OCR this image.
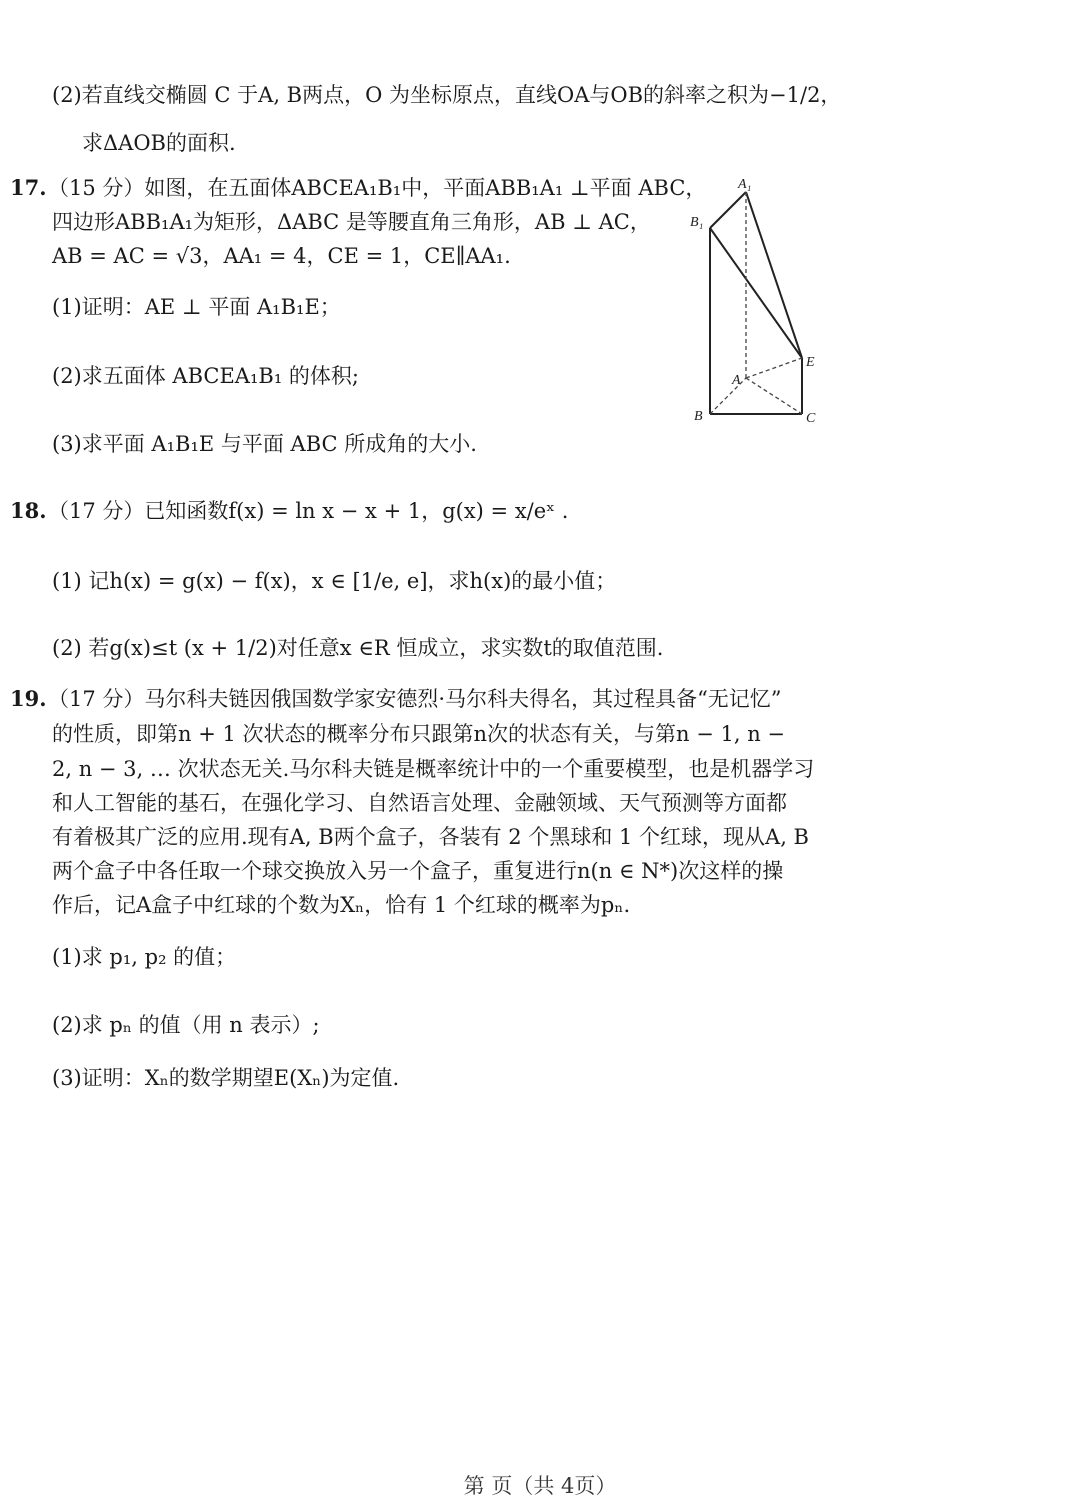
(2)若直线交椭圆 C 于A, B两点，O 为坐标原点，直线OA与OB的斜率之积为−1/2，
求ΔAOB的面积.
17. （15 分）如图，在五面体ABCEA₁B₁中，平面ABB₁A₁ ⊥平面 ABC，
四边形ABB₁A₁为矩形，ΔABC 是等腰直角三角形，AB ⊥ AC，
AB = AC = √3，AA₁ = 4，CE = 1，CE∥AA₁.
(1)证明：AE ⊥ 平面 A₁B₁E；
(2)求五面体 ABCEA₁B₁ 的体积;
(3)求平面 A₁B₁E 与平面 ABC 所成角的大小.
A₁
B₁
E
A
B	C
18. （17 分）已知函数f(x) = ln x − x + 1，g(x) = x/eˣ .
(1) 记h(x) = g(x) − f(x)，x ∈ [1/e, e]，求h(x)的最小值；
(2) 若g(x)≤t (x + 1/2)对任意x ∈R 恒成立，求实数t的取值范围.
19. （17 分）马尔科夫链因俄国数学家安德烈·马尔科夫得名，其过程具备“无记忆”
的性质，即第n + 1 次状态的概率分布只跟第n次的状态有关，与第n − 1, n −
2, n − 3, … 次状态无关.马尔科夫链是概率统计中的一个重要模型，也是机器学习
和人工智能的基石，在强化学习、自然语言处理、金融领域、天气预测等方面都
有着极其广泛的应用.现有A, B两个盒子，各装有 2 个黑球和 1 个红球，现从A, B
两个盒子中各任取一个球交换放入另一个盒子，重复进行n(n ∈ N*)次这样的操
作后，记A盒子中红球的个数为Xₙ，恰有 1 个红球的概率为pₙ.
(1)求 p₁, p₂ 的值；
(2)求 pₙ 的值（用 n 表示）;
(3)证明：Xₙ的数学期望E(Xₙ)为定值.
第 页（共 4页）
